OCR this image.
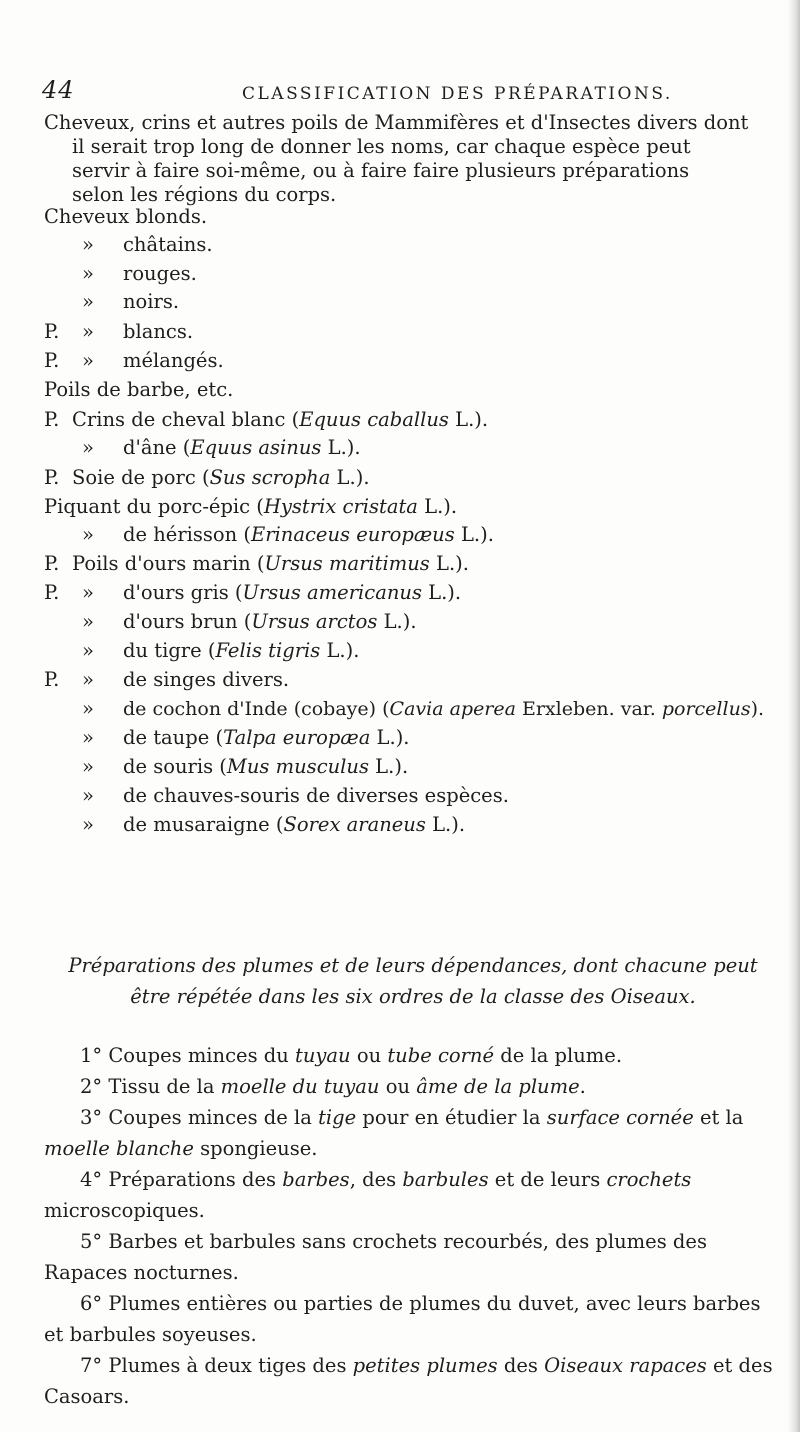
44	CLASSIFICATION DES PRÉPARATIONS.

Cheveux, crins et autres poils de Mammifères et d'Insectes divers dont

il serait trop long de donner les noms, car chaque espèce peut

servir à faire soi-même, ou à faire faire plusieurs préparations

selon les régions du corps.

Cheveux blonds.
» châtains.
» rouges.
» noirs.
P. » blancs.
P. » mélangés.
Poils de barbe, etc.
P. Crins de cheval blanc (Equus caballus L.).
» d'âne (Equus asinus L.).
P. Soie de porc (Sus scropha L.).
Piquant du porc-épic (Hystrix cristata L.).
» de hérisson (Erinaceus europæus L.).
P. Poils d'ours marin (Ursus maritimus L.).
P. » d'ours gris (Ursus americanus L.).
» d'ours brun (Ursus arctos L.).
» du tigre (Felis tigris L.).
P. » de singes divers.
» de cochon d'Inde (cobaye) (Cavia aperea Erxleben. var. porcellus).
» de taupe (Talpa europæa L.).
» de souris (Mus musculus L.).
» de chauves-souris de diverses espèces.
» de musaraigne (Sorex araneus L.).
Préparations des plumes et de leurs dépendances, dont chacune peut
être répétée dans les six ordres de la classe des Oiseaux.
1° Coupes minces du tuyau ou tube corné de la plume.
2° Tissu de la moelle du tuyau ou âme de la plume.
3° Coupes minces de la tige pour en étudier la surface cornée et la moelle blanche spongieuse.
4° Préparations des barbes, des barbules et de leurs crochets microscopiques.
5° Barbes et barbules sans crochets recourbés, des plumes des Rapaces nocturnes.
6° Plumes entières ou parties de plumes du duvet, avec leurs barbes et barbules soyeuses.
7° Plumes à deux tiges des petites plumes des Oiseaux rapaces et des Casoars.
